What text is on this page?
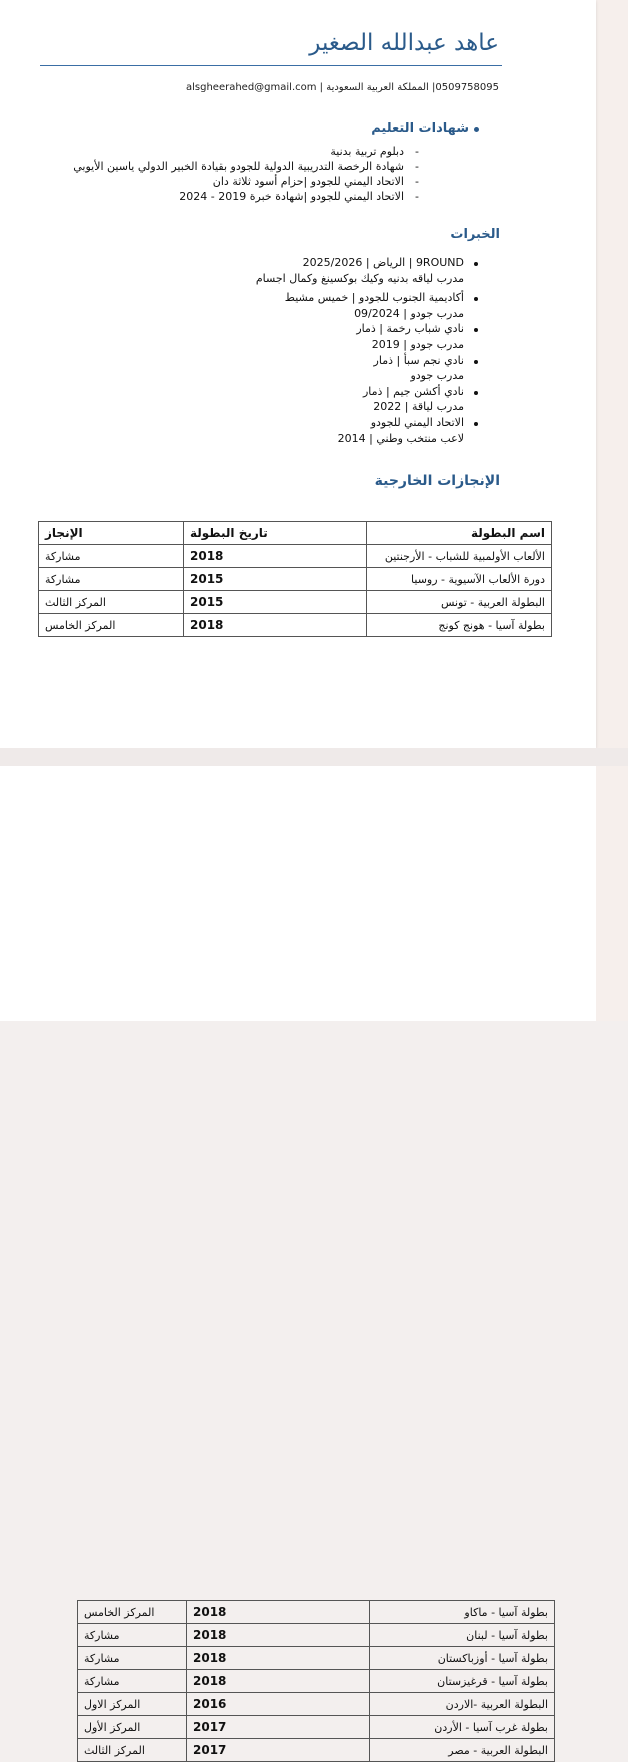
عاهد عبدالله الصغير
0509758095| المملكة العربية السعودية | alsgheerahed@gmail.com
شهادات التعليم
-دبلوم تربية بدنية
-شهادة الرخصة التدريبية الدولية للجودو بقيادة الخبير الدولي ياسين الأيوبي
-الاتحاد اليمني للجودو |حزام أسود ثلاثة دان
-الاتحاد اليمني للجودو |شهادة خبرة 2019 - 2024
الخبرات
9ROUND | الرياض | 2025/2026
مدرب لياقه بدنيه وكيك بوكسينغ وكمال اجسام
أكاديمية الجنوب للجودو | خميس مشيط
مدرب جودو | 09/2024
نادي شباب رخمة | ذمار
مدرب جودو | 2019
نادي نجم سبأ | ذمار
مدرب جودو
نادي أكشن جيم | ذمار
مدرب لياقة | 2022
الاتحاد اليمني للجودو
لاعب منتخب وطني | 2014
الإنجازات الخارجية
اسم البطولة	تاريخ البطولة	الإنجاز
الألعاب الأولمبية للشباب - الأرجنتين	2018	مشاركة
دورة الألعاب الآسيوية - روسيا	2015	مشاركة
البطولة العربية - تونس	2015	المركز الثالث
بطولة آسيا - هونج كونج	2018	المركز الخامس
بطولة آسيا - ماكاو	2018	المركز الخامس
بطولة آسيا - لبنان	2018	مشاركة
بطولة آسيا - أوزباكستان	2018	مشاركة
بطولة آسيا - قرغيزستان	2018	مشاركة
البطولة العربية -الاردن	2016	المركز الاول
بطولة غرب آسيا - الأردن	2017	المركز الأول
البطولة العربية - مصر	2017	المركز الثالث
